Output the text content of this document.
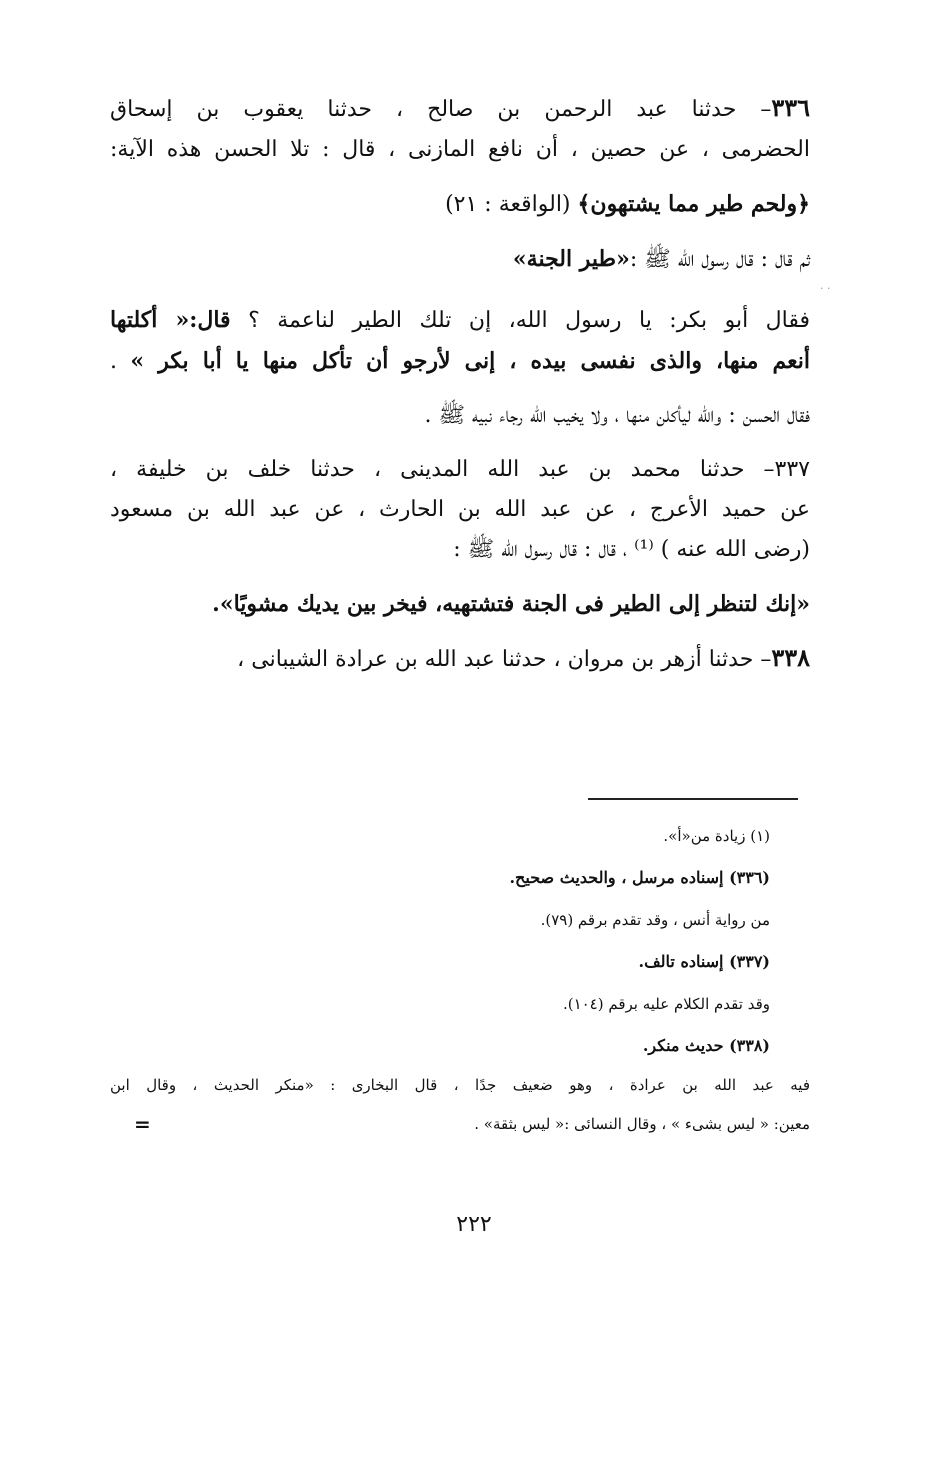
· ·
٣٣٦– حدثنا عبد الرحمن بن صالح ، حدثنا يعقوب بن إسحاق
الحضرمى ، عن حصين ، أن نافع المازنى ، قال : تلا الحسن هذه الآية:
﴿ولحم طير مما يشتهون﴾ (الواقعة : ٢١)
ثم قال : قال رسول الله ﷺ :«طير الجنة»
فقال أبو بكر: يا رسول الله، إن تلك الطير لناعمة ؟ قال:« أكلتها
أنعم منها، والذى نفسى بيده ، إنى لأرجو أن تأكل منها يا أبا بكر » .
فقال الحسن : والله ليأكلن منها ، ولا يخيب الله رجاء نبيه ﷺ .
٣٣٧– حدثنا محمد بن عبد الله المدينى ، حدثنا خلف بن خليفة ،
عن حميد الأعرج ، عن عبد الله بن الحارث ، عن عبد الله بن مسعود
(رضى الله عنه ) ⁽¹⁾ ، قال : قال رسول الله ﷺ :
«إنك لتنظر إلى الطير فى الجنة فتشتهيه، فيخر بين يديك مشويًا».
٣٣٨– حدثنا أزهر بن مروان ، حدثنا عبد الله بن عرادة الشيبانى ،
(١) زيادة من«أ».
(٣٣٦) إسناده مرسل ، والحديث صحيح.
من رواية أنس ، وقد تقدم برقم (٧٩).
(٣٣٧) إسناده تالف.
وقد تقدم الكلام عليه برقم (١٠٤).
(٣٣٨) حديث منكر.
فيه عبد الله بن عرادة ، وهو ضعيف جدًا ، قال البخارى : «منكر الحديث ، وقال ابن
معين: « ليس بشىء » ، وقال النسائى :« ليس بثقة» .
=
٢٢٢
